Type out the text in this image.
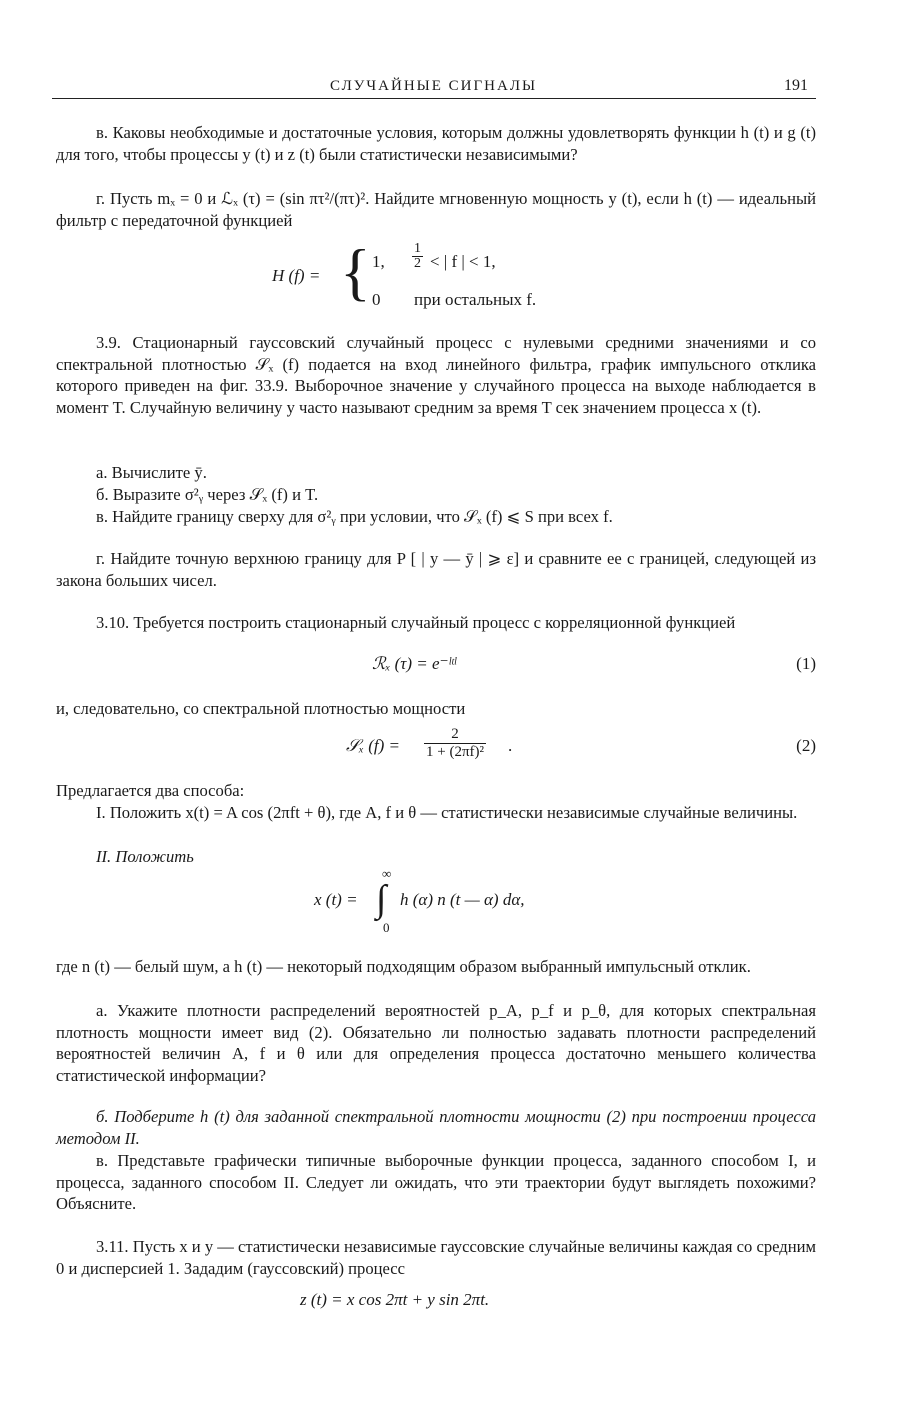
СЛУЧАЙНЫЕ СИГНАЛЫ	191

в. Каковы необходимые и достаточные условия, которым должны удовлетворять функции h (t) и g (t) для того, чтобы процессы y (t) и z (t) были статистически независимыми?

г. Пусть mₓ = 0 и ℒₓ (τ) = (sin πτ²/(πτ)². Найдите мгновенную мощность y (t), если h (t) — идеальный фильтр с передаточной функцией

H (f) = { 1, $\frac{1}{2}$ < | f | < 1,
0 при остальных f.

3.9. Стационарный гауссовский случайный процесс с нулевыми средними значениями и со спектральной плотностью 𝒮ₓ (f) подается на вход линейного фильтра, график импульсного отклика которого приведен на фиг. 33.9. Выборочное значение y случайного процесса на выходе наблюдается в момент T. Случайную величину y часто называют средним за время T сек значением процесса x (t).

а. Вычислите ȳ.

б. Выразите σ²ᵧ через 𝒮ₓ (f) и T.

в. Найдите границу сверху для σ²ᵧ при условии, что 𝒮ₓ (f) ⩽ S при всех f.

г. Найдите точную верхнюю границу для P [ | y — ȳ | ⩾ ε] и сравните ее с границей, следующей из закона больших чисел.

3.10. Требуется построить стационарный случайный процесс с корреляционной функцией

ℛₓ (τ) = e⁻ˡᵗˡ	(1)

и, следовательно, со спектральной плотностью мощности

𝒮ₓ $(f) = \frac{2}{\text{1 + (2πf)²}}$ .	(2)

Предлагается два способа:

I. Положить x(t) = A cos (2πft + θ), где A, f и θ — статистически независимые случайные величины.

II. Положить

x (t) =
∞
∫
0
h (α) n (t — α) dα,

где n (t) — белый шум, а h (t) — некоторый подходящим образом выбранный импульсный отклик.

а. Укажите плотности распределений вероятностей p_A, p_f и p_θ, для которых спектральная плотность мощности имеет вид (2). Обязательно ли полностью задавать плотности распределений вероятностей величин A, f и θ или для определения процесса достаточно меньшего количества статистической информации?

б. Подберите h (t) для заданной спектральной плотности мощности (2) при построении процесса методом II.

в. Представьте графически типичные выборочные функции процесса, заданного способом I, и процесса, заданного способом II. Следует ли ожидать, что эти траектории будут выглядеть похожими? Объясните.

3.11. Пусть x и y — статистически независимые гауссовские случайные величины каждая со средним 0 и дисперсией 1. Зададим (гауссовский) процесс

z (t) = x cos 2πt + y sin 2πt.
